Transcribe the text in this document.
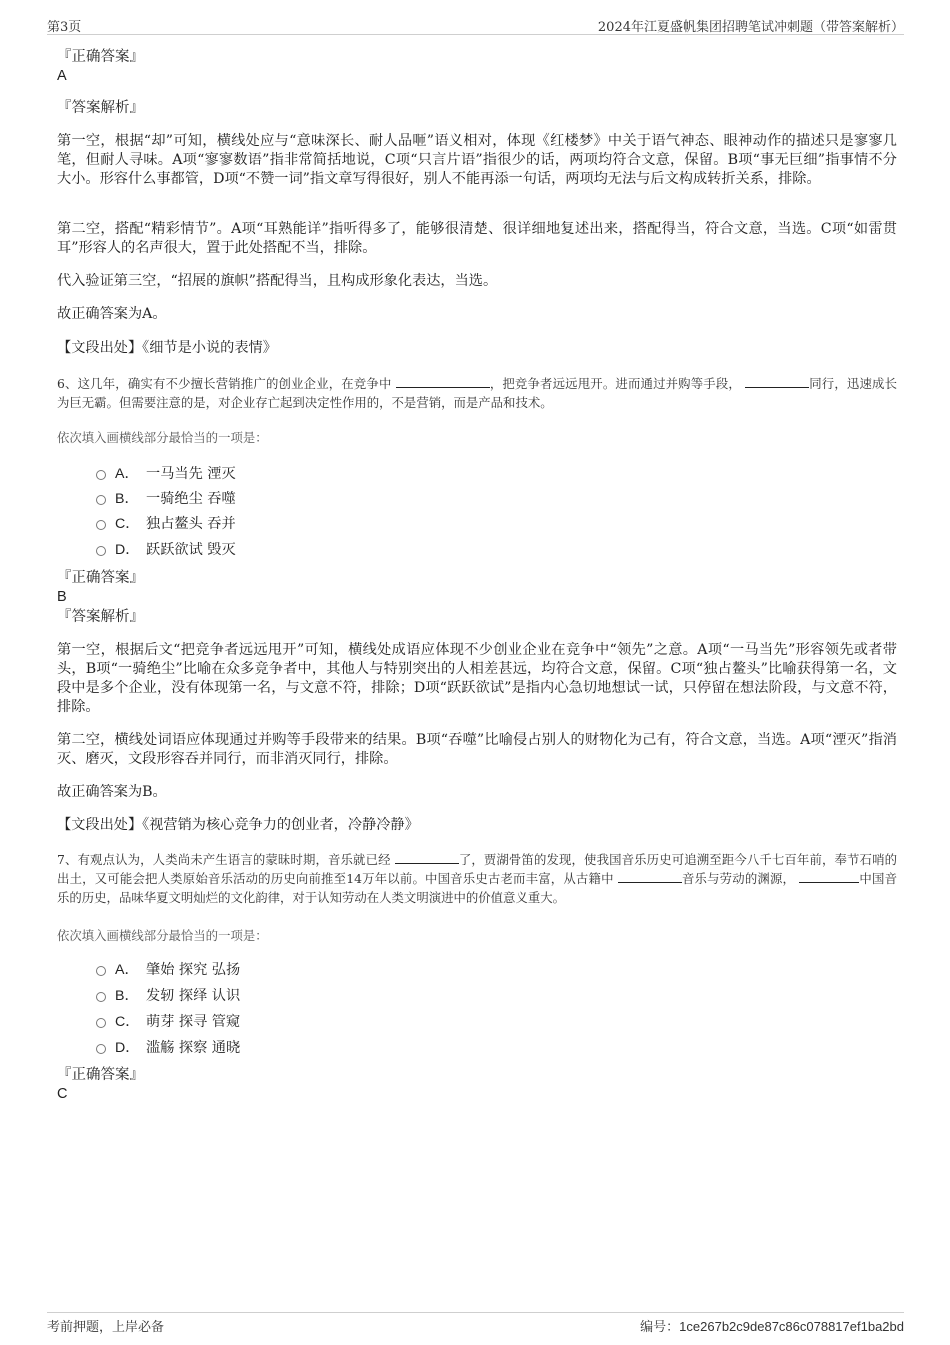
第3页	2024年江夏盛帆集团招聘笔试冲刺题（带答案解析）
『正确答案』
A
『答案解析』
第一空，根据“却”可知，横线处应与“意味深长、耐人品咂”语义相对，体现《红楼梦》中关于语气神态、眼神动作的描述只是寥寥几笔，但耐人寻味。A项“寥寥数语”指非常简括地说，C项“只言片语”指很少的话，两项均符合文意，保留。B项“事无巨细”指事情不分大小。形容什么事都管，D项“不赞一词”指文章写得很好，别人不能再添一句话，两项均无法与后文构成转折关系，排除。
第二空，搭配“精彩情节”。A项“耳熟能详”指听得多了，能够很清楚、很详细地复述出来，搭配得当，符合文意，当选。C项“如雷贯耳”形容人的名声很大，置于此处搭配不当，排除。
代入验证第三空，“招展的旗帜”搭配得当，且构成形象化表达，当选。
故正确答案为A。
【文段出处】《细节是小说的表情》
6、这几年，确实有不少擅长营销推广的创业企业，在竞争中	，把竞争者远远甩开。进而通过并购等手段，	同行，迅速成长为巨无霸。但需要注意的是，对企业存亡起到决定性作用的，不是营销，而是产品和技术。
依次填入画横线部分最恰当的一项是：
A． 一马当先 湮灭
B． 一骑绝尘 吞噬
C． 独占鳌头 吞并
D． 跃跃欲试 毁灭
『正确答案』
B
『答案解析』
第一空，根据后文“把竞争者远远甩开”可知，横线处成语应体现不少创业企业在竞争中“领先”之意。A项“一马当先”形容领先或者带头，B项“一骑绝尘”比喻在众多竞争者中，其他人与特别突出的人相差甚远，均符合文意，保留。C项“独占鳌头”比喻获得第一名，文段中是多个企业，没有体现第一名，与文意不符，排除；D项“跃跃欲试”是指内心急切地想试一试，只停留在想法阶段，与文意不符，排除。
第二空，横线处词语应体现通过并购等手段带来的结果。B项“吞噬”比喻侵占别人的财物化为己有，符合文意，当选。A项“湮灭”指消灭、磨灭，文段形容吞并同行，而非消灭同行，排除。
故正确答案为B。
【文段出处】《视营销为核心竞争力的创业者，冷静冷静》
7、有观点认为，人类尚未产生语言的蒙昧时期，音乐就已经	了，贾湖骨笛的发现，使我国音乐历史可追溯至距今八千七百年前，奉节石哨的出土，又可能会把人类原始音乐活动的历史向前推至14万年以前。中国音乐史古老而丰富，从古籍中	音乐与劳动的渊源，	中国音乐的历史，品味华夏文明灿烂的文化韵律，对于认知劳动在人类文明演进中的价值意义重大。
依次填入画横线部分最恰当的一项是：
A． 肇始 探究 弘扬
B． 发轫 探绎 认识
C． 萌芽 探寻 管窥
D． 滥觞 探察 通晓
『正确答案』
C
考前押题，上岸必备	编号：1ce267b2c9de87c86c078817ef1ba2bd
